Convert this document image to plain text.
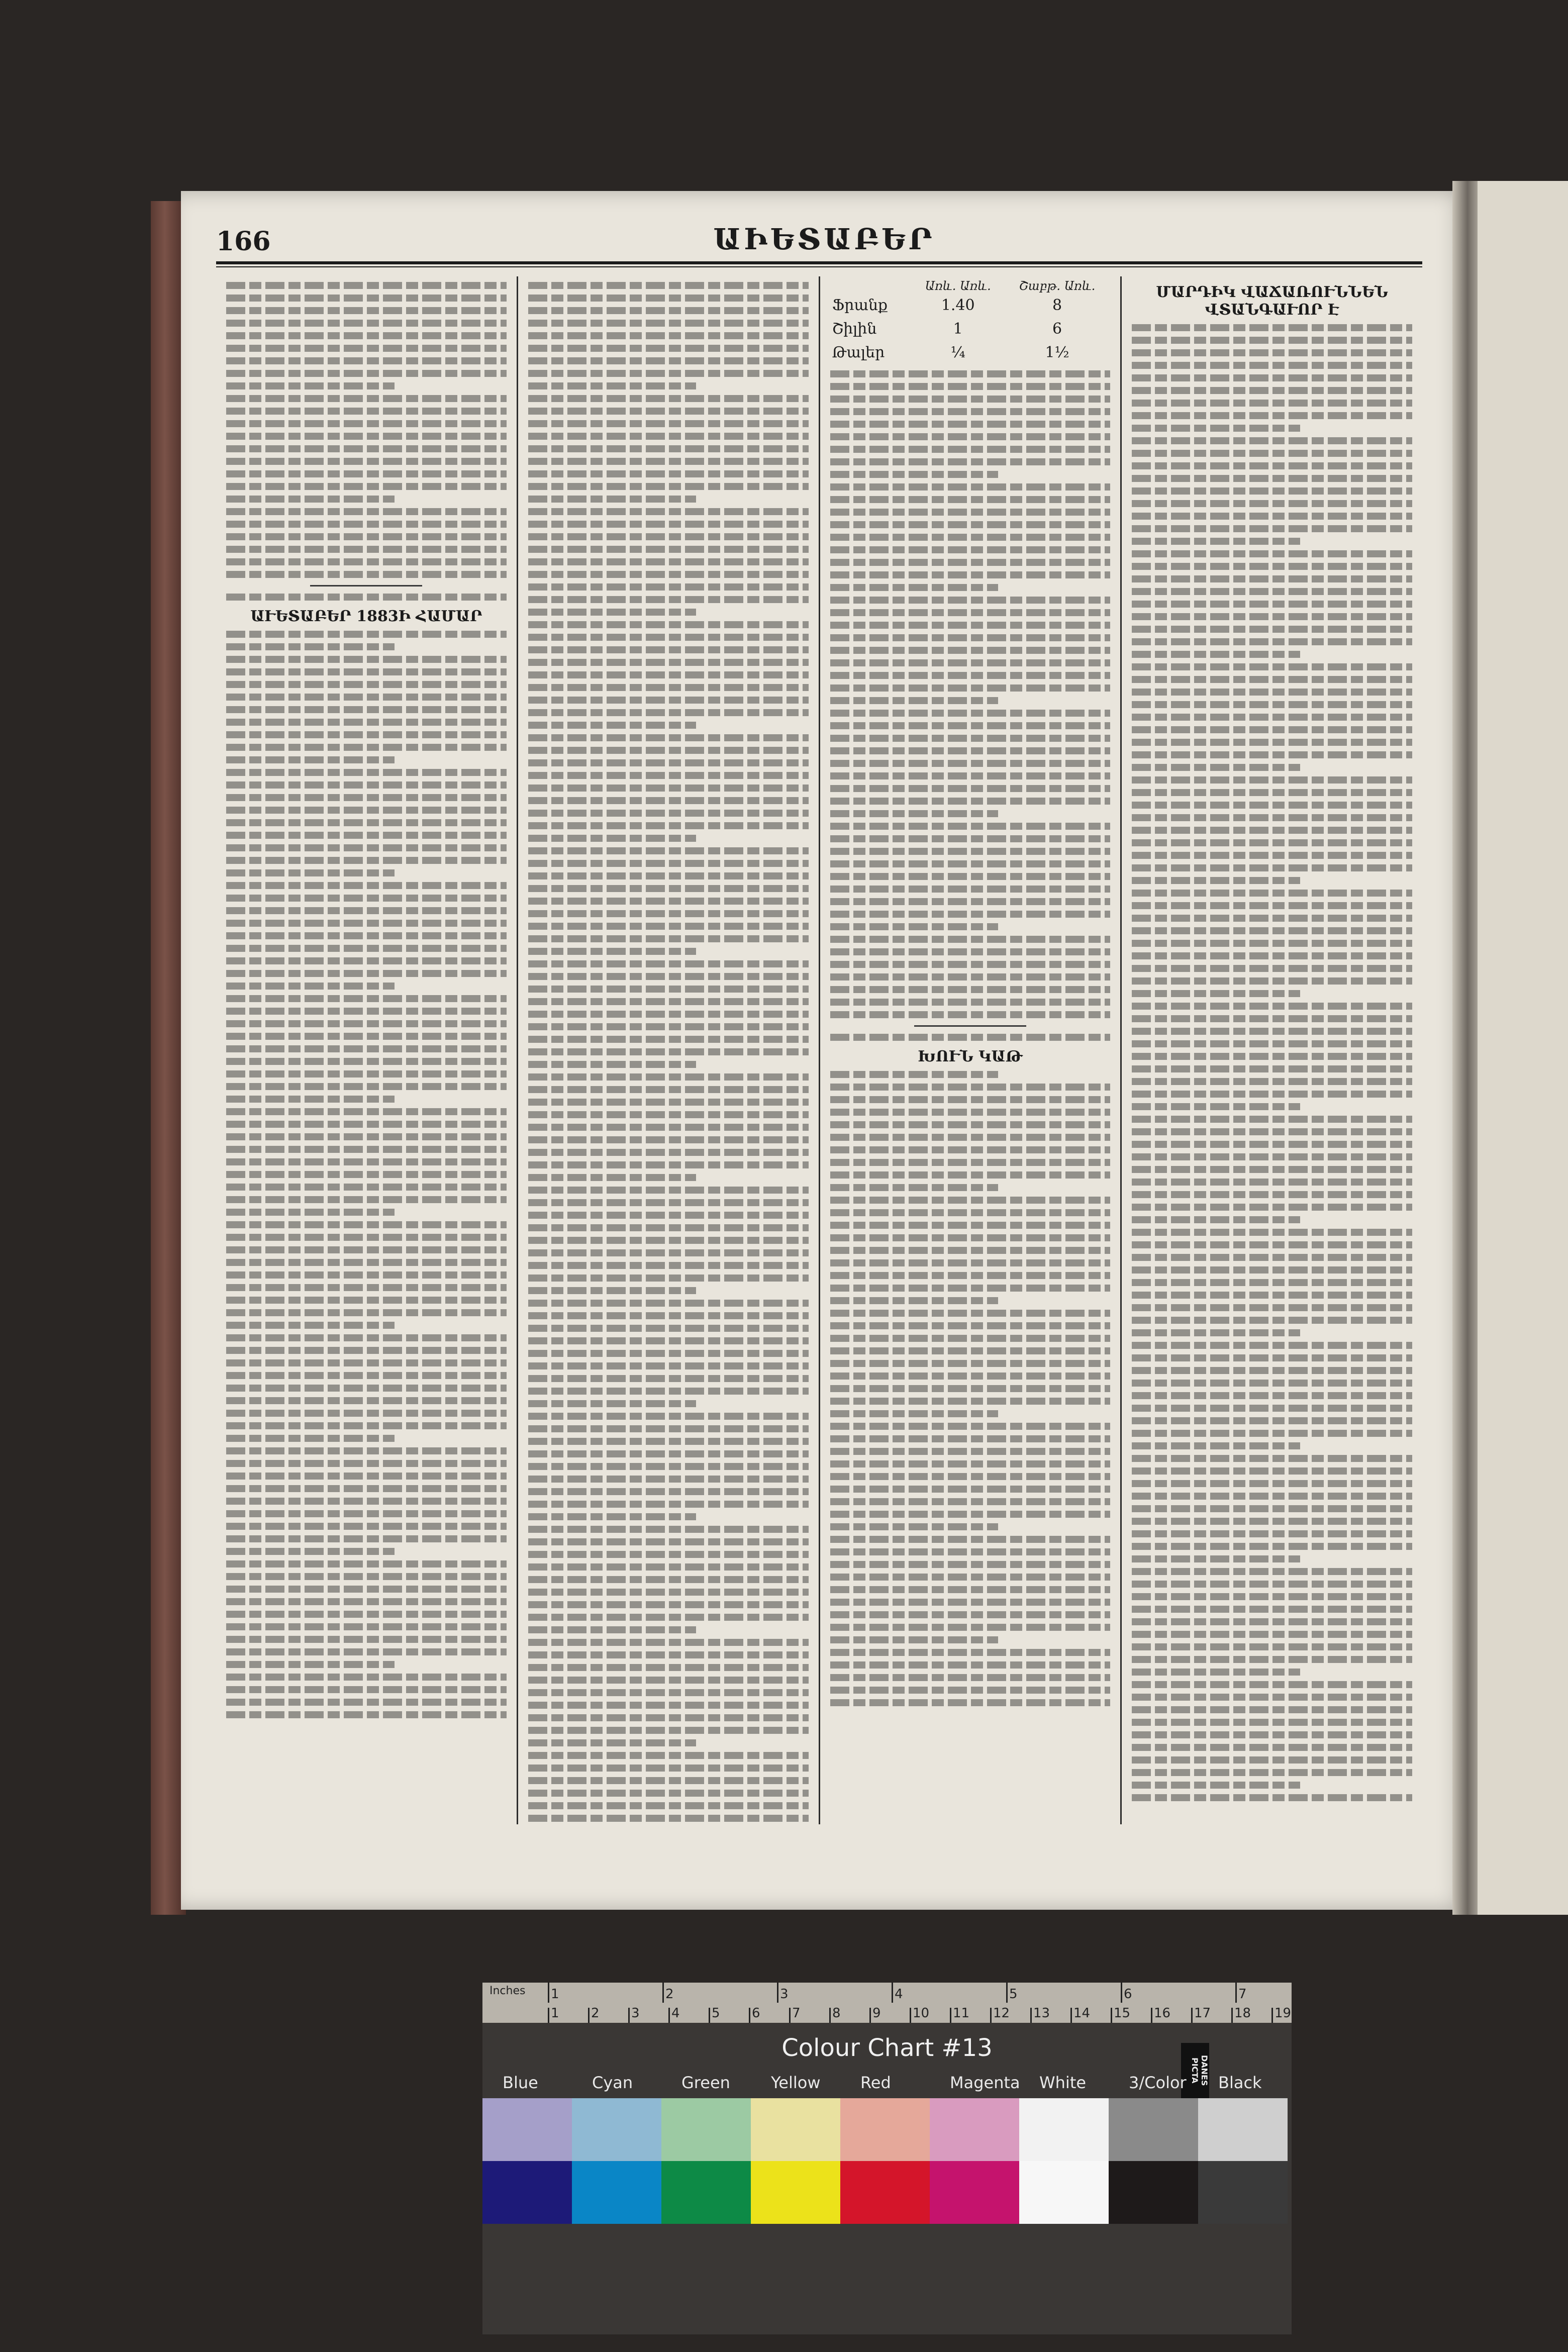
166	ԱԻԵՏԱԲԵՐ
ԱՒԵՏԱԲԵՐ 1883Ի ՀԱՄԱՐ
	Առև. Առև.	Շաբթ. Առև.
Ֆրանք	1.40	8
Շիլին	1	6
Թալեր	¼	1½
ԽՈՒՆ ԿԱԹ
ՄԱՐԴԻԿ ՎԱՃԱՌՈՒՆՆԵՆ ՎՏԱՆԳԱՒՈՐ Է
Inches 1	2	3	4	5	6	7
1 2 3 4 5 6 7 8 9 10 11 12 13 14 15 16 17 18 19
Colour Chart #13
DANES PICTA
Blue	Cyan	Green	Yellow Red	Magenta White	3/Color Black
